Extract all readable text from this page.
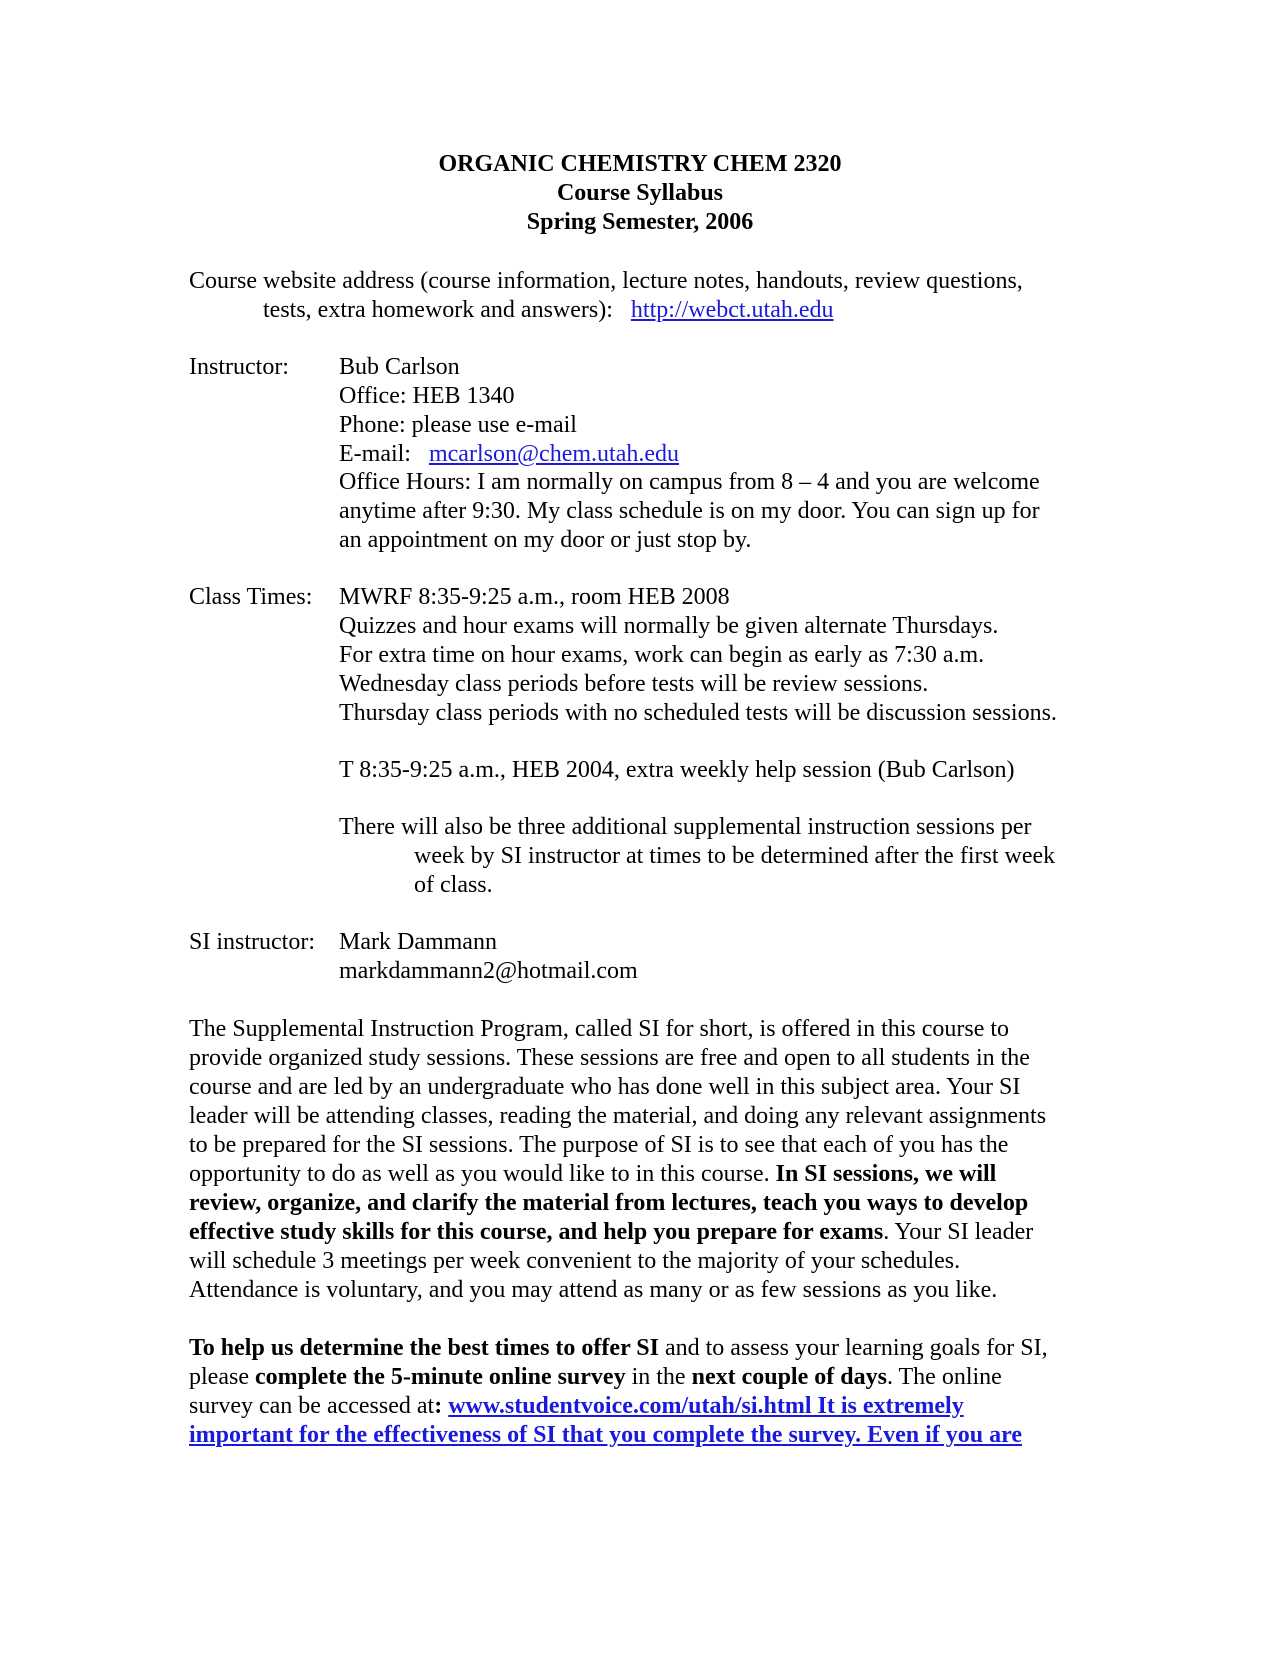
ORGANIC CHEMISTRY CHEM 2320
Course Syllabus
Spring Semester, 2006
Course website address (course information, lecture notes, handouts, review questions,
tests, extra homework and answers): http://webct.utah.edu
Instructor: Bub Carlson
Office: HEB 1340
Phone: please use e-mail
E-mail: mcarlson@chem.utah.edu
Office Hours: I am normally on campus from 8 – 4 and you are welcome
anytime after 9:30. My class schedule is on my door. You can sign up for
an appointment on my door or just stop by.
Class Times: MWRF 8:35-9:25 a.m., room HEB 2008
Quizzes and hour exams will normally be given alternate Thursdays.
For extra time on hour exams, work can begin as early as 7:30 a.m.
Wednesday class periods before tests will be review sessions.
Thursday class periods with no scheduled tests will be discussion sessions.
T 8:35-9:25 a.m., HEB 2004, extra weekly help session (Bub Carlson)
There will also be three additional supplemental instruction sessions per
week by SI instructor at times to be determined after the first week
of class.
SI instructor: Mark Dammann
markdammann2@hotmail.com
The Supplemental Instruction Program, called SI for short, is offered in this course to
provide organized study sessions. These sessions are free and open to all students in the
course and are led by an undergraduate who has done well in this subject area. Your SI
leader will be attending classes, reading the material, and doing any relevant assignments
to be prepared for the SI sessions. The purpose of SI is to see that each of you has the
opportunity to do as well as you would like to in this course. In SI sessions, we will
review, organize, and clarify the material from lectures, teach you ways to develop
effective study skills for this course, and help you prepare for exams. Your SI leader
will schedule 3 meetings per week convenient to the majority of your schedules.
Attendance is voluntary, and you may attend as many or as few sessions as you like.
To help us determine the best times to offer SI and to assess your learning goals for SI,
please complete the 5-minute online survey in the next couple of days. The online
survey can be accessed at: www.studentvoice.com/utah/si.html It is extremely
important for the effectiveness of SI that you complete the survey. Even if you are
